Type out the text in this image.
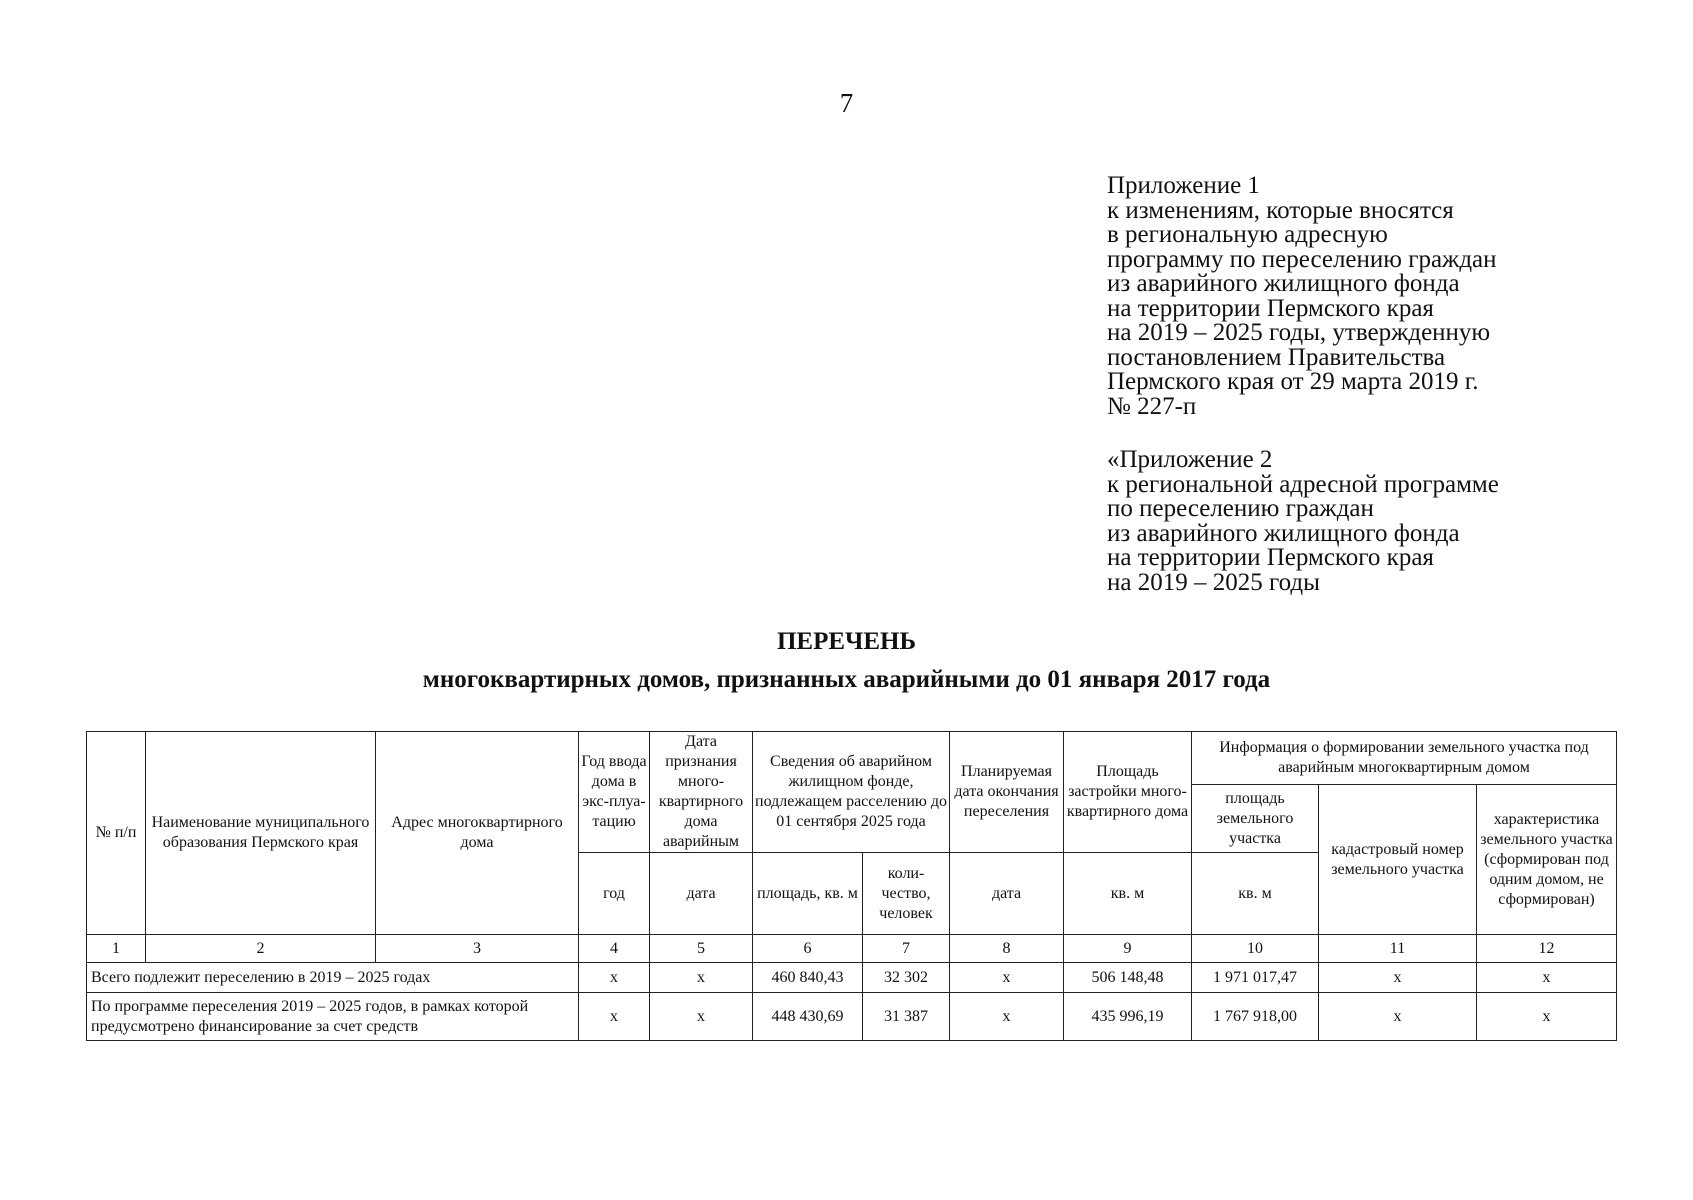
7
Приложение 1
к изменениям, которые вносятся
в региональную адресную
программу по переселению граждан
из аварийного жилищного фонда
на территории Пермского края
на 2019 – 2025 годы, утвержденную
постановлением Правительства
Пермского края от 29 марта 2019 г.
№ 227-п
«Приложение 2
к региональной адресной программе
по переселению граждан
из аварийного жилищного фонда
на территории Пермского края
на 2019 – 2025 годы
ПЕРЕЧЕНЬ
многоквартирных домов, признанных аварийными до 01 января 2017 года
№ п/п	Наименование муниципального образования Пермского края	Адрес многоквартирного дома	Год ввода дома в экс-плуа-тацию	Дата признания много-квартирного дома аварийным	Сведения об аварийном жилищном фонде, подлежащем расселению до 01 сентября 2025 года		Планируемая дата окончания переселения	Площадь застройки много-квартирного дома	Информация о формировании земельного участка под аварийным многоквартирным домом		
									площадь земельного участка	кадастровый номер земельного участка	характеристика земельного участка (сформирован под одним домом, не сформирован)
			год	дата	площадь, кв. м	коли-чество, человек	дата	кв. м	кв. м		
1	2	3	4	5	6	7	8	9	10	11	12
Всего подлежит переселению в 2019 – 2025 годах			х	х	460 840,43	32 302	х	506 148,48	1 971 017,47	х	х
По программе переселения 2019 – 2025 годов, в рамках которой предусмотрено финансирование за счет средств			х	х	448 430,69	31 387	х	435 996,19	1 767 918,00	х	х
